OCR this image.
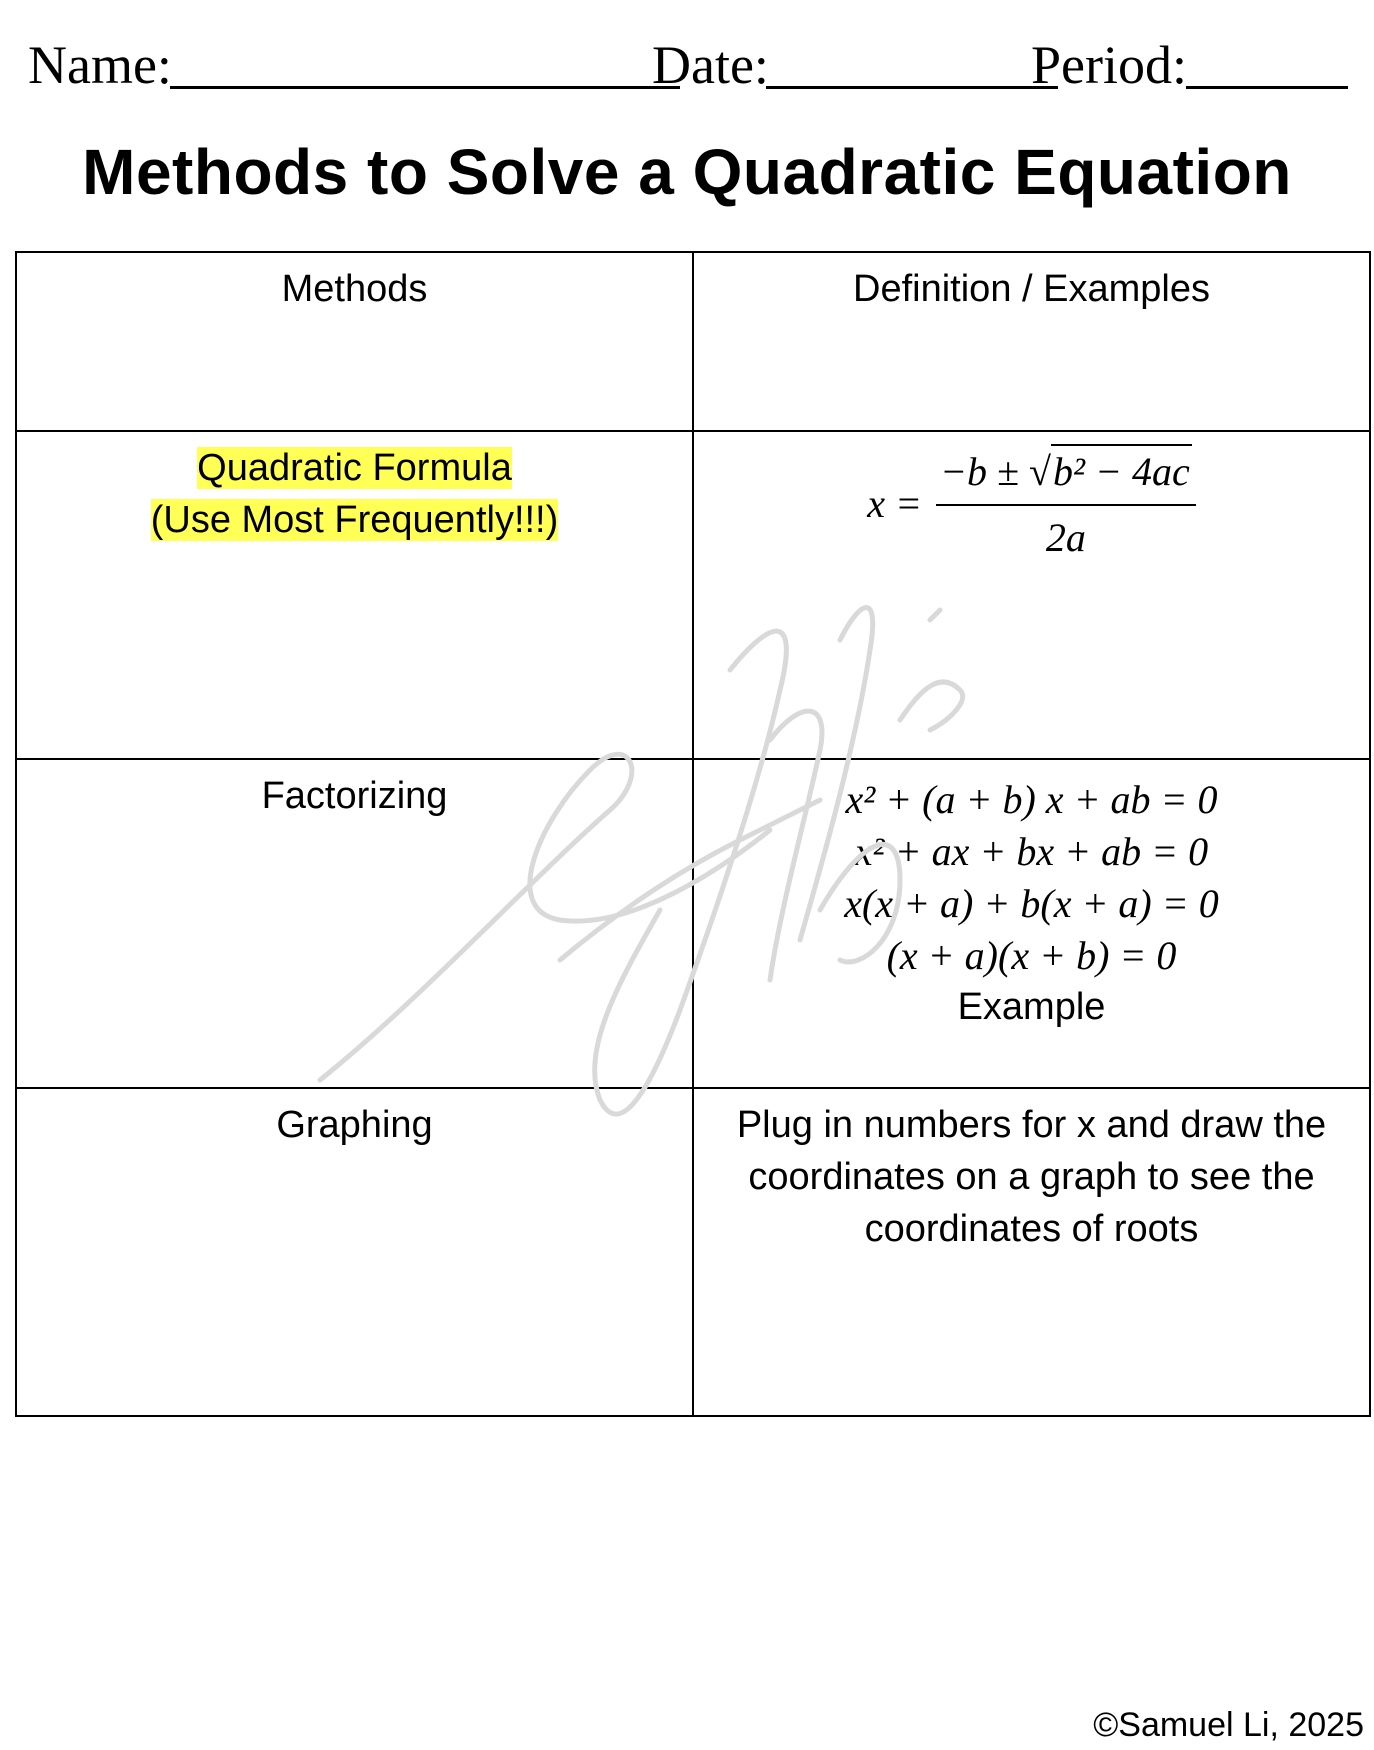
Name:	Date:	Period:
Methods to Solve a Quadratic Equation
Methods	Definition / Examples

Quadratic Formula
(Use Most Frequently!!!)	$x = \frac{\text{−b ± √ b² − 4ac}}{2a}$

Factorizing	x² + (a + b) x + ab = 0
x² + ax + bx + ab = 0
x(x + a) + b(x + a) = 0
(x + a)(x + b) = 0
Example

Graphing	Plug in numbers for x and draw the coordinates on a graph to see the coordinates of roots
©Samuel Li, 2025
